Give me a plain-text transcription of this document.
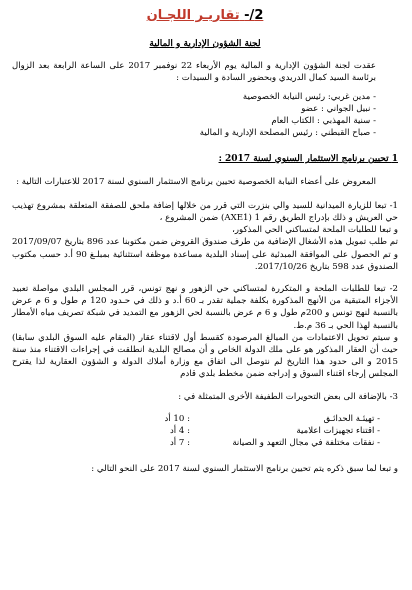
2/- تقاريـر اللجـان
لجنة الشؤون الإدارية و المالية

عقدت لجنة الشؤون الإدارية و المالية يوم الأربعاء 22 نوفمبر 2017 على الساعة الرابعة بعد الزوال برئاسة السيد كمال الدريدي وبحضور السادة و السيدات :

- مدين غربي: رئيس النيابة الخصوصية
- نبيل الجواني : عضو
- سنية المهذبي : الكتاب العام
- صباح القبطني : رئيس المصلحة الإدارية و المالية
1 تحيين برنامج الاستثمار السنوي لسنة 2017 :

المعروض على أعضاء النيابة الخصوصية تحيين برنامج الاستثمار السنوي لسنة 2017 للاعتبارات التالية :

1- تبعا للزيارة الميدانية للسيد والي بنزرت التي قرر من خلالها إضافة ملحق للصفقة المتعلقة بمشروع تهذيب حي العريش و ذلك بإدراج الطريق رقم 1 (AXE1) ضمن المشروع ،

و تبعا للطلبات الملحة لمتساكني الحي المذكور،

تم طلب تمويل هذه الأشغال الإضافية من طرف صندوق القروض ضمن مكتوبنا عدد 896 بتاريخ 2017/09/07 و تم الحصول على الموافقة المبدئية على إسناد البلدية مساعدة موظفة استثنائية بمبلـغ 90 أ.د حسب مكتوب الصندوق عدد 598 بتاريخ 2017/10/26.

2- تبعا للطلبات الملحة و المتكررة لمتساكني حي الزهور و نهج تونس، قرر المجلس البلدي مواصلة تعبيد الأجزاء المتبقية من الأنهج المذكورة بكلفة جملية تقدر بـ 60 أ.د و ذلك في حـدود 120 م طول و 6 م عرض بالنسبة لنهج تونس و 200م طول و 6 م عرض بالنسبة لحي الزهور مع التمديد في شبكة تصريف مياه الأمطار بالنسبة لهذا الحي بـ 36 م.ط.

و سيتم تحويل الاعتمادات من المبالغ المرصودة كقسط أول لاقتناء عقار (المقام عليه السوق البلدي سابقا) حيث أن العقار المذكور هو على ملك الدولة الخاص و أن مصالح البلدية انطلقت في إجراءات الاقتناء منذ سنة 2015 و الى حدود هذا التاريخ لم نتوصل الى اتفاق مع وزارة أملاك الدولة و الشؤون العقارية لذا يقترح المجلس إرجاء اقتناء السوق و إدراجه ضمن مخطط بلدي قادم

3- بالإضافة الى بعض التحويرات الطفيفة الأخرى المتمثلة في :

- تهيئـة الحدائـق
: 10 أد
- اقتناء تجهيزات اعلامية
: 4 أد
- نفقات مختلفة في مجال التعهد و الصيانة
: 7 أد

و تبعا لما سبق ذكره يتم تحيين برنامج الاستثمار السنوي لسنة 2017 على النحو التالي :
